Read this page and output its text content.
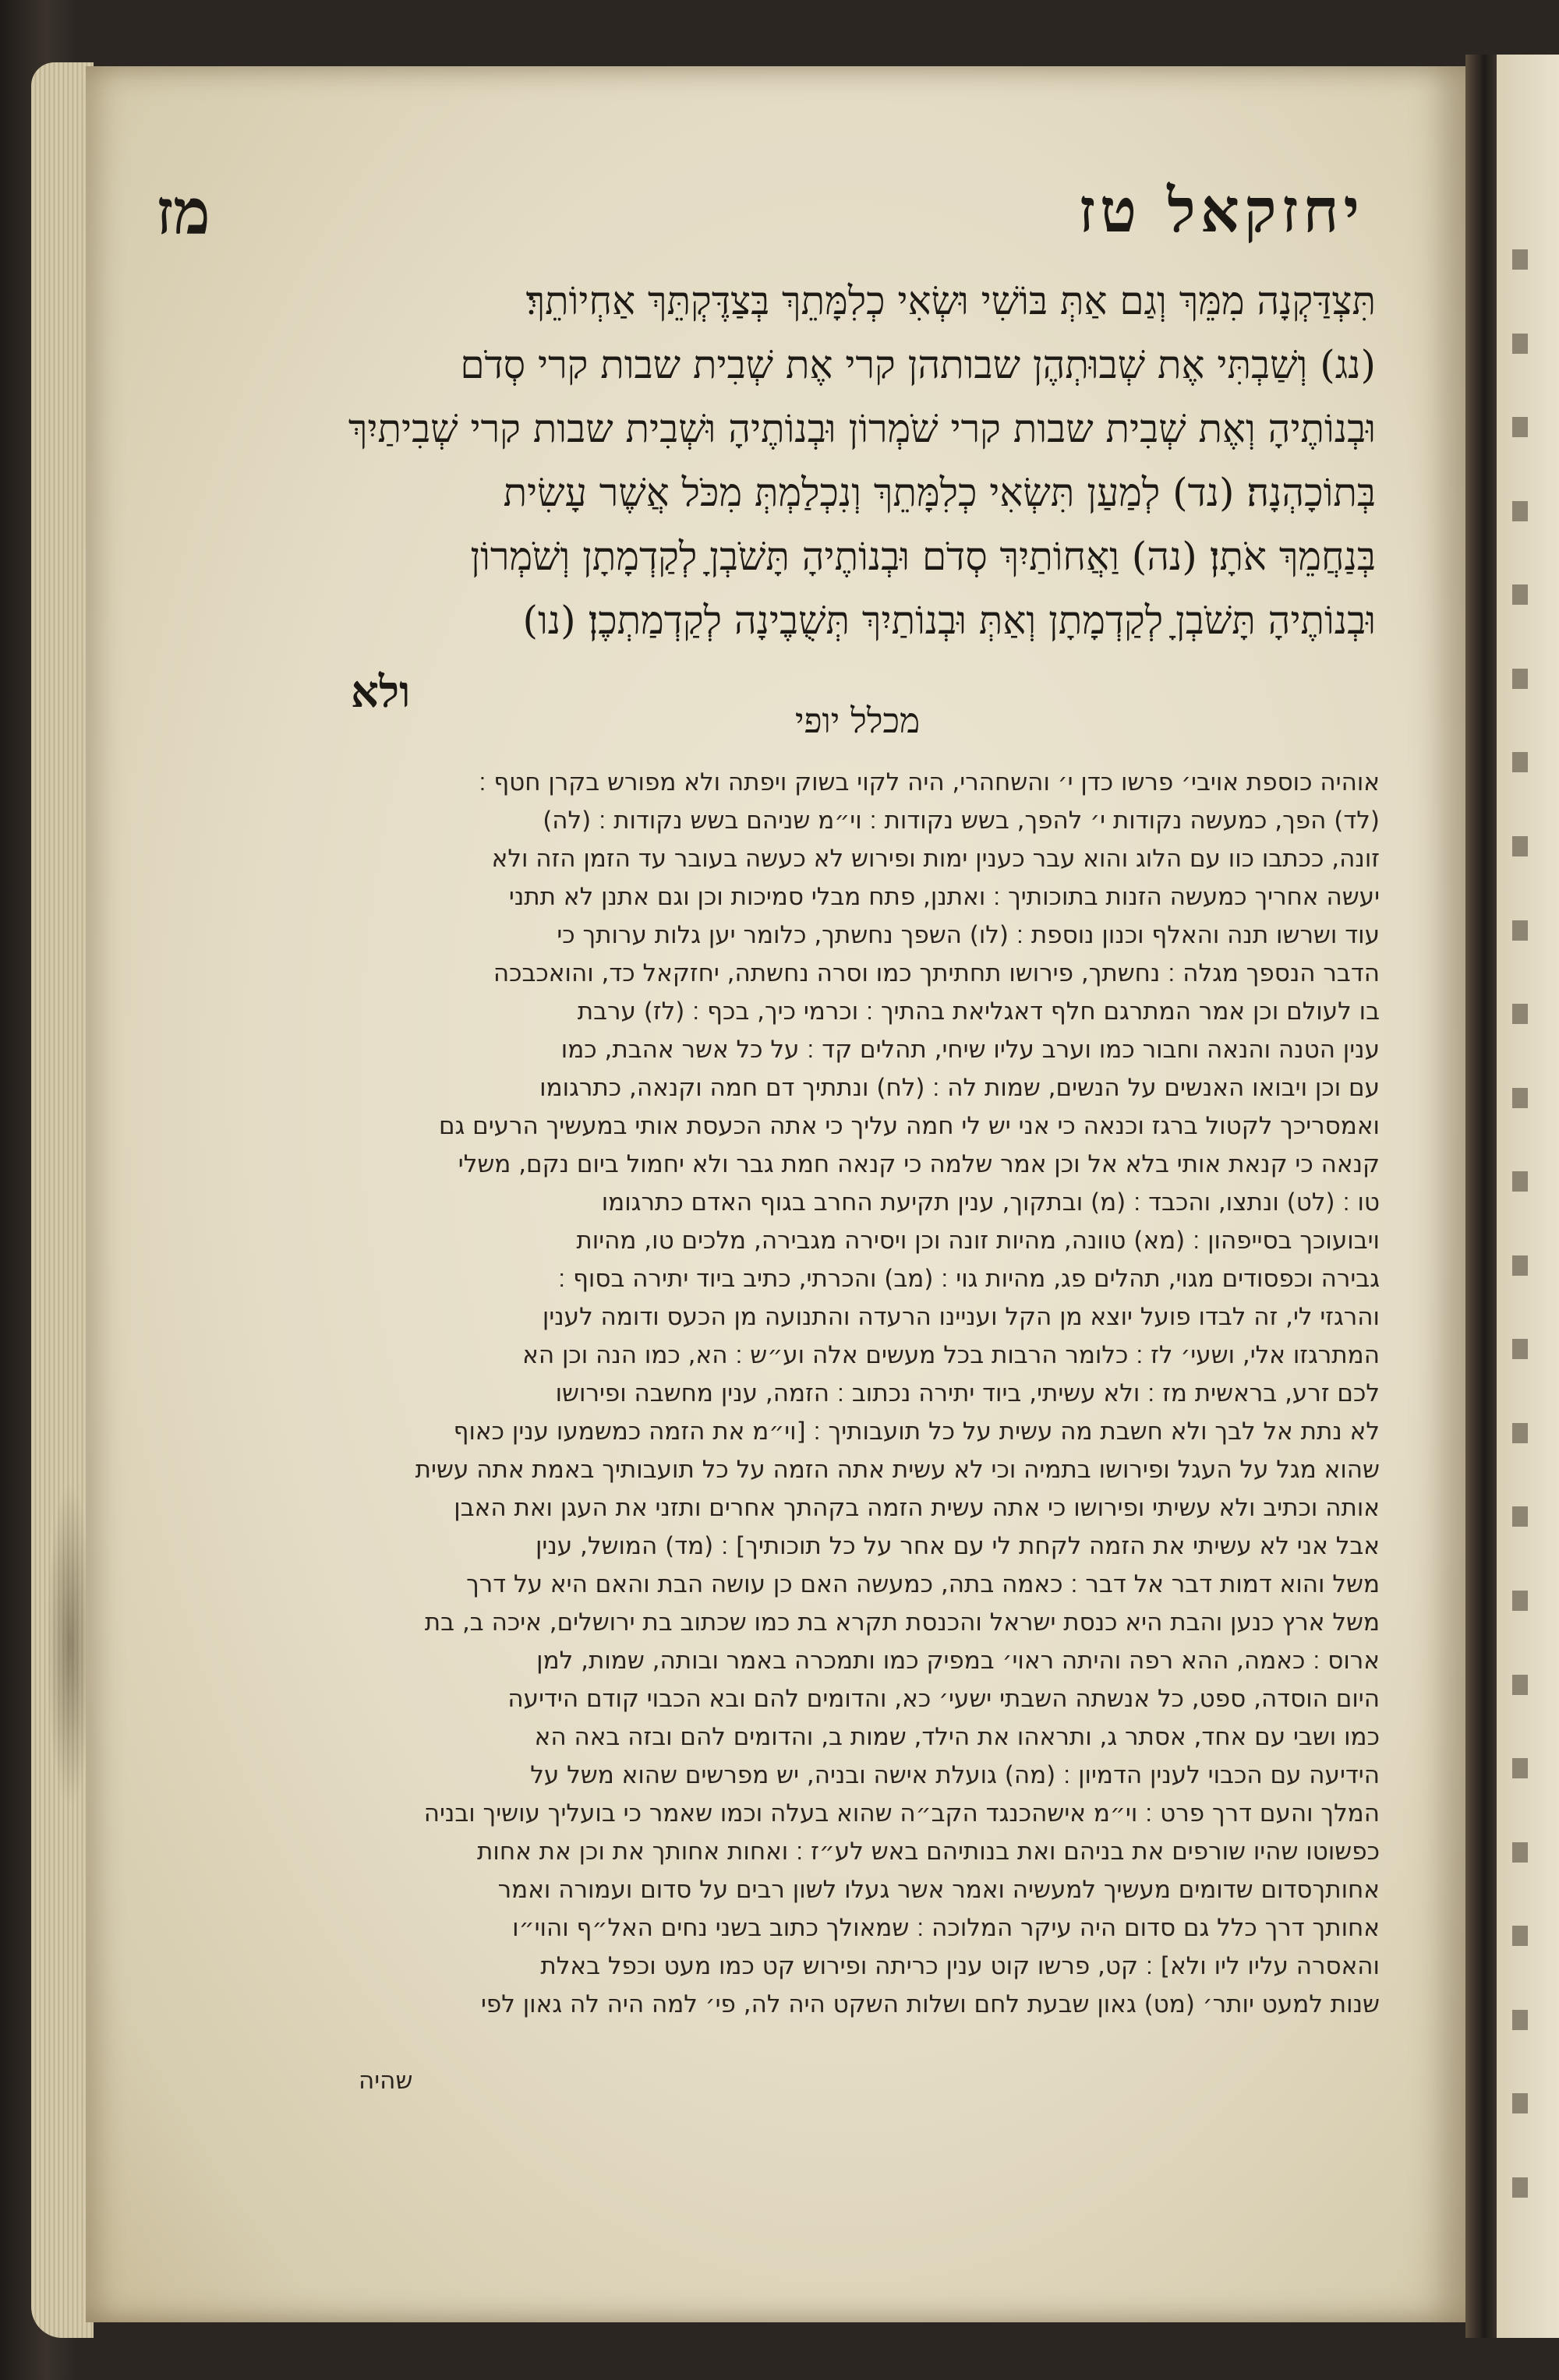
יחזקאל טז
מז
תִּצְדַּקְנָה מִמֵּךְ וְגַם אַתְּ בּוֹשִׁי וּשְׂאִי כְלִמָּתֵךְ בְּצַדֶּקְתֵּךְ אַחְיוֹתֵךְ׃
(נג) וְשַׁבְתִּי אֶת שְׁבוּתְהֶן שבותהן קרי אֶת שְׁבִית שבות קרי סְדֹם
וּבְנוֹתֶיהָ וְאֶת שְׁבִית שבות קרי שֹׁמְרוֹן וּבְנוֹתֶיהָ וּשְׁבִית שבות קרי שְׁבִיתַיִךְ
בְּתוֹכָהְנָה׃ (נד) לְמַעַן תִּשְׂאִי כְלִמָּתֵךְ וְנִכְלַמְתְּ מִכֹּל אֲשֶׁר עָשִׂית
בְּנַחֲמֵךְ אֹתָן׃ (נה) וַאֲחוֹתַיִךְ סְדֹם וּבְנוֹתֶיהָ תָּשֹׁבְןָ לְקַדְמָתָן וְשֹׁמְרוֹן
וּבְנוֹתֶיהָ תָּשֹׁבְןָ לְקַדְמָתָן וְאַתְּ וּבְנוֹתַיִךְ תְּשֻׁבֶינָה לְקַדְמַתְכֶן׃ (נו)
ולא
מכלל יופי
אוהיה כוספת אויבי׳ פרשו כדן י׳ והשחהרי, היה לקוי בשוק ויפתה ולא מפורש בקרן חטף ׃
(לד) הפך, כמעשה נקודות י׳ להפך, בשש נקודות ׃ וי״מ שניהם בשש נקודות ׃ (לה)
זונה, ככתבו כוו עם הלוג והוא עבר כענין ימות ופירוש לא כעשה בעובר עד הזמן הזה ולא
יעשה אחריך כמעשה הזנות בתוכותיך ׃ ואתנן, פתח מבלי סמיכות וכן וגם אתנן לא תתני
עוד ושרשו תנה והאלף וכנון נוספת ׃ (לו) השפך נחשתך, כלומר יען גלות ערותך כי
הדבר הנספך מגלה ׃ נחשתך, פירושו תחתיתך כמו וסרה נחשתה, יחזקאל כד, והואכבכה
בו לעולם וכן אמר המתרגם חלף דאגליאת בהתיך ׃ וכרמי כיך, בכף ׃ (לז) ערבת
ענין הטנה והנאה וחבור כמו וערב עליו שיחי, תהלים קד ׃ על כל אשר אהבת, כמו
עם וכן ויבואו האנשים על הנשים, שמות לה ׃ (לח) ונתתיך דם חמה וקנאה, כתרגומו
ואמסריכך לקטול ברגז וכנאה כי אני יש לי חמה עליך כי אתה הכעסת אותי במעשיך הרעים גם
קנאה כי קנאת אותי בלא אל וכן אמר שלמה כי קנאה חמת גבר ולא יחמול ביום נקם, משלי
טו ׃ (לט) ונתצו, והכבד ׃ (מ) ובתקוך, ענין תקיעת החרב בגוף האדם כתרגומו
ויבועוכך בסייפהון ׃ (מא) טוונה, מהיות זונה וכן ויסירה מגבירה, מלכים טו, מהיות
גבירה וכפסודים מגוי, תהלים פג, מהיות גוי ׃ (מב) והכרתי, כתיב ביוד יתירה בסוף ׃
והרגזי לי, זה לבדו פועל יוצא מן הקל ועניינו הרעדה והתנועה מן הכעס ודומה לענין
המתרגזו אלי, ושעי׳ לז ׃ כלומר הרבות בכל מעשים אלה וע״ש ׃ הא, כמו הנה וכן הא
לכם זרע, בראשית מז ׃ ולא עשיתי, ביוד יתירה נכתוב ׃ הזמה, ענין מחשבה ופירושו
לא נתת אל לבך ולא חשבת מה עשית על כל תועבותיך ׃ [וי״מ את הזמה כמשמעו ענין כאוף
שהוא מגל על העגל ופירושו בתמיה וכי לא עשית אתה הזמה על כל תועבותיך באמת אתה עשית
אותה וכתיב ולא עשיתי ופירושו כי אתה עשית הזמה בקהתך אחרים ותזני את העגן ואת האבן
אבל אני לא עשיתי את הזמה לקחת לי עם אחר על כל תוכותיך] ׃ (מד) המושל, ענין
משל והוא דמות דבר אל דבר ׃ כאמה בתה, כמעשה האם כן עושה הבת והאם היא על דרך
משל ארץ כנען והבת היא כנסת ישראל והכנסת תקרא בת כמו שכתוב בת ירושלים, איכה ב, בת
ארוס ׃ כאמה, ההא רפה והיתה ראוי׳ במפיק כמו ותמכרה באמר ובותה, שמות, למן
היום הוסדה, ספט, כל אנשתה השבתי ישעי׳ כא, והדומים להם ובא הכבוי קודם הידיעה
כמו ושבי עם אחד, אסתר ג, ותראהו את הילד, שמות ב, והדומים להם ובזה באה הא
הידיעה עם הכבוי לענין הדמיון ׃ (מה) גועלת אישה ובניה, יש מפרשים שהוא משל על
המלך והעם דרך פרט ׃ וי״מ אישהכנגד הקב״ה שהוא בעלה וכמו שאמר כי בועליך עושיך ובניה
כפשוטו שהיו שורפים את בניהם ואת בנותיהם באש לע״ז ׃ ואחות אחותך את וכן את אחות
אחותךסדום שדומים מעשיך למעשיה ואמר אשר געלו לשון רבים על סדום ועמורה ואמר
אחותך דרך כלל גם סדום היה עיקר המלוכה ׃ שמאולך כתוב בשני נחים האל״ף והוי״ו
והאסרה עליו ליו ולא] ׃ קט, פרשו קוט ענין כריתה ופירוש קט כמו מעט וכפל באלת
שנות למעט יותר׳ (מט) גאון שבעת לחם ושלות השקט היה לה, פי׳ למה היה לה גאון לפי
שהיה
